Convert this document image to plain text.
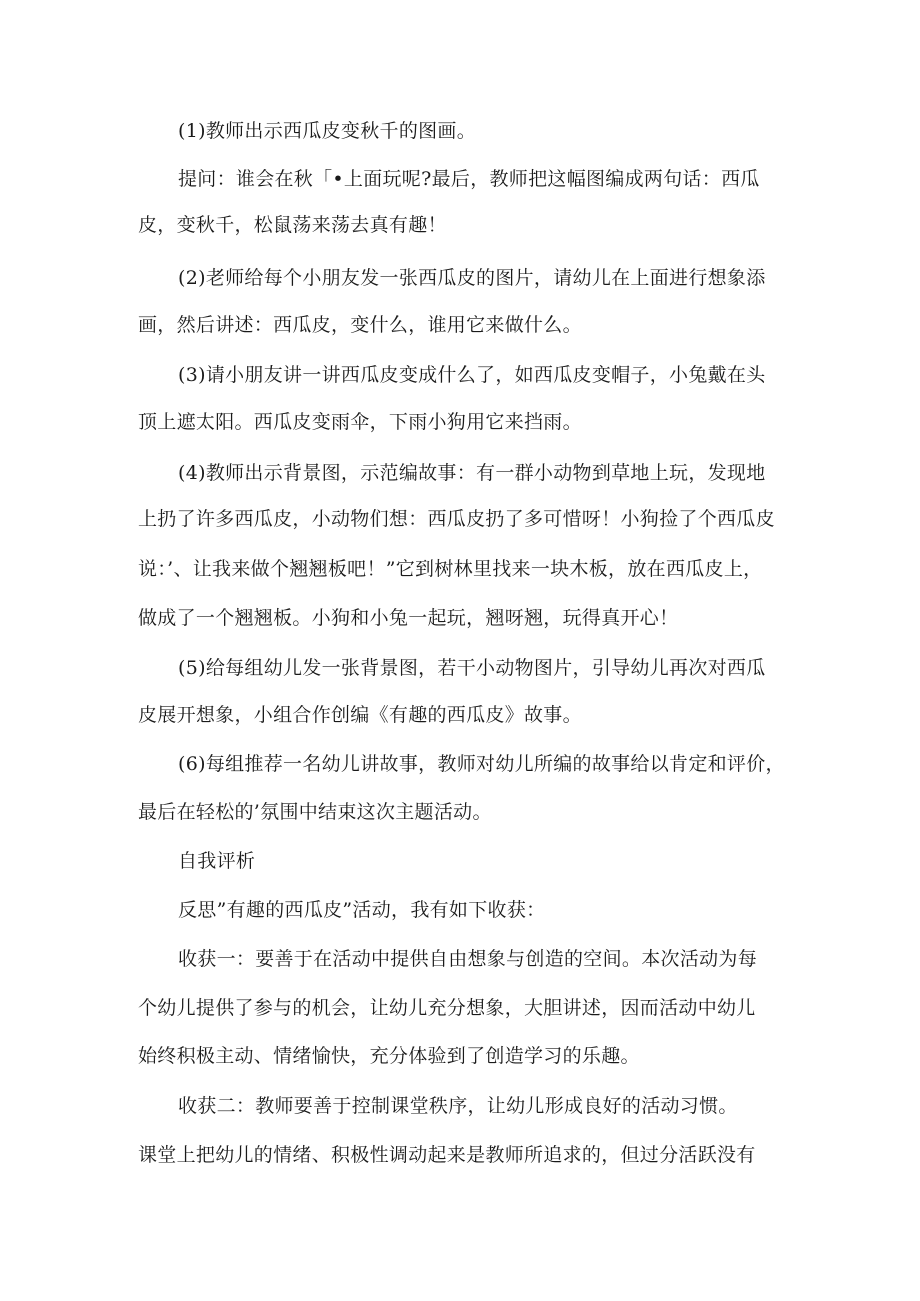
(1)教师出示西瓜皮变秋千的图画。
提问：谁会在秋「•上面玩呢?最后，教师把这幅图编成两句话：西瓜
皮，变秋千，松鼠荡来荡去真有趣！
(2)老师给每个小朋友发一张西瓜皮的图片，请幼儿在上面进行想象添
画，然后讲述：西瓜皮，变什么，谁用它来做什么。
(3)请小朋友讲一讲西瓜皮变成什么了，如西瓜皮变帽子，小兔戴在头
顶上遮太阳。西瓜皮变雨伞，下雨小狗用它来挡雨。
(4)教师出示背景图，示范编故事：有一群小动物到草地上玩，发现地
上扔了许多西瓜皮，小动物们想：西瓜皮扔了多可惜呀！小狗捡了个西瓜皮
说：’、让我来做个翘翘板吧！”它到树林里找来一块木板，放在西瓜皮上，
做成了一个翘翘板。小狗和小兔一起玩，翘呀翘，玩得真开心！
(5)给每组幼儿发一张背景图，若干小动物图片，引导幼儿再次对西瓜
皮展开想象，小组合作创编《有趣的西瓜皮》故事。
(6)每组推荐一名幼儿讲故事，教师对幼儿所编的故事给以肯定和评价，
最后在轻松的’氛围中结束这次主题活动。
自我评析
反思”有趣的西瓜皮”活动，我有如下收获：
收获一：要善于在活动中提供自由想象与创造的空间。本次活动为每
个幼儿提供了参与的机会，让幼儿充分想象，大胆讲述，因而活动中幼儿
始终积极主动、情绪愉快，充分体验到了创造学习的乐趣。
收获二：教师要善于控制课堂秩序，让幼儿形成良好的活动习惯。
课堂上把幼儿的情绪、积极性调动起来是教师所追求的，但过分活跃没有
